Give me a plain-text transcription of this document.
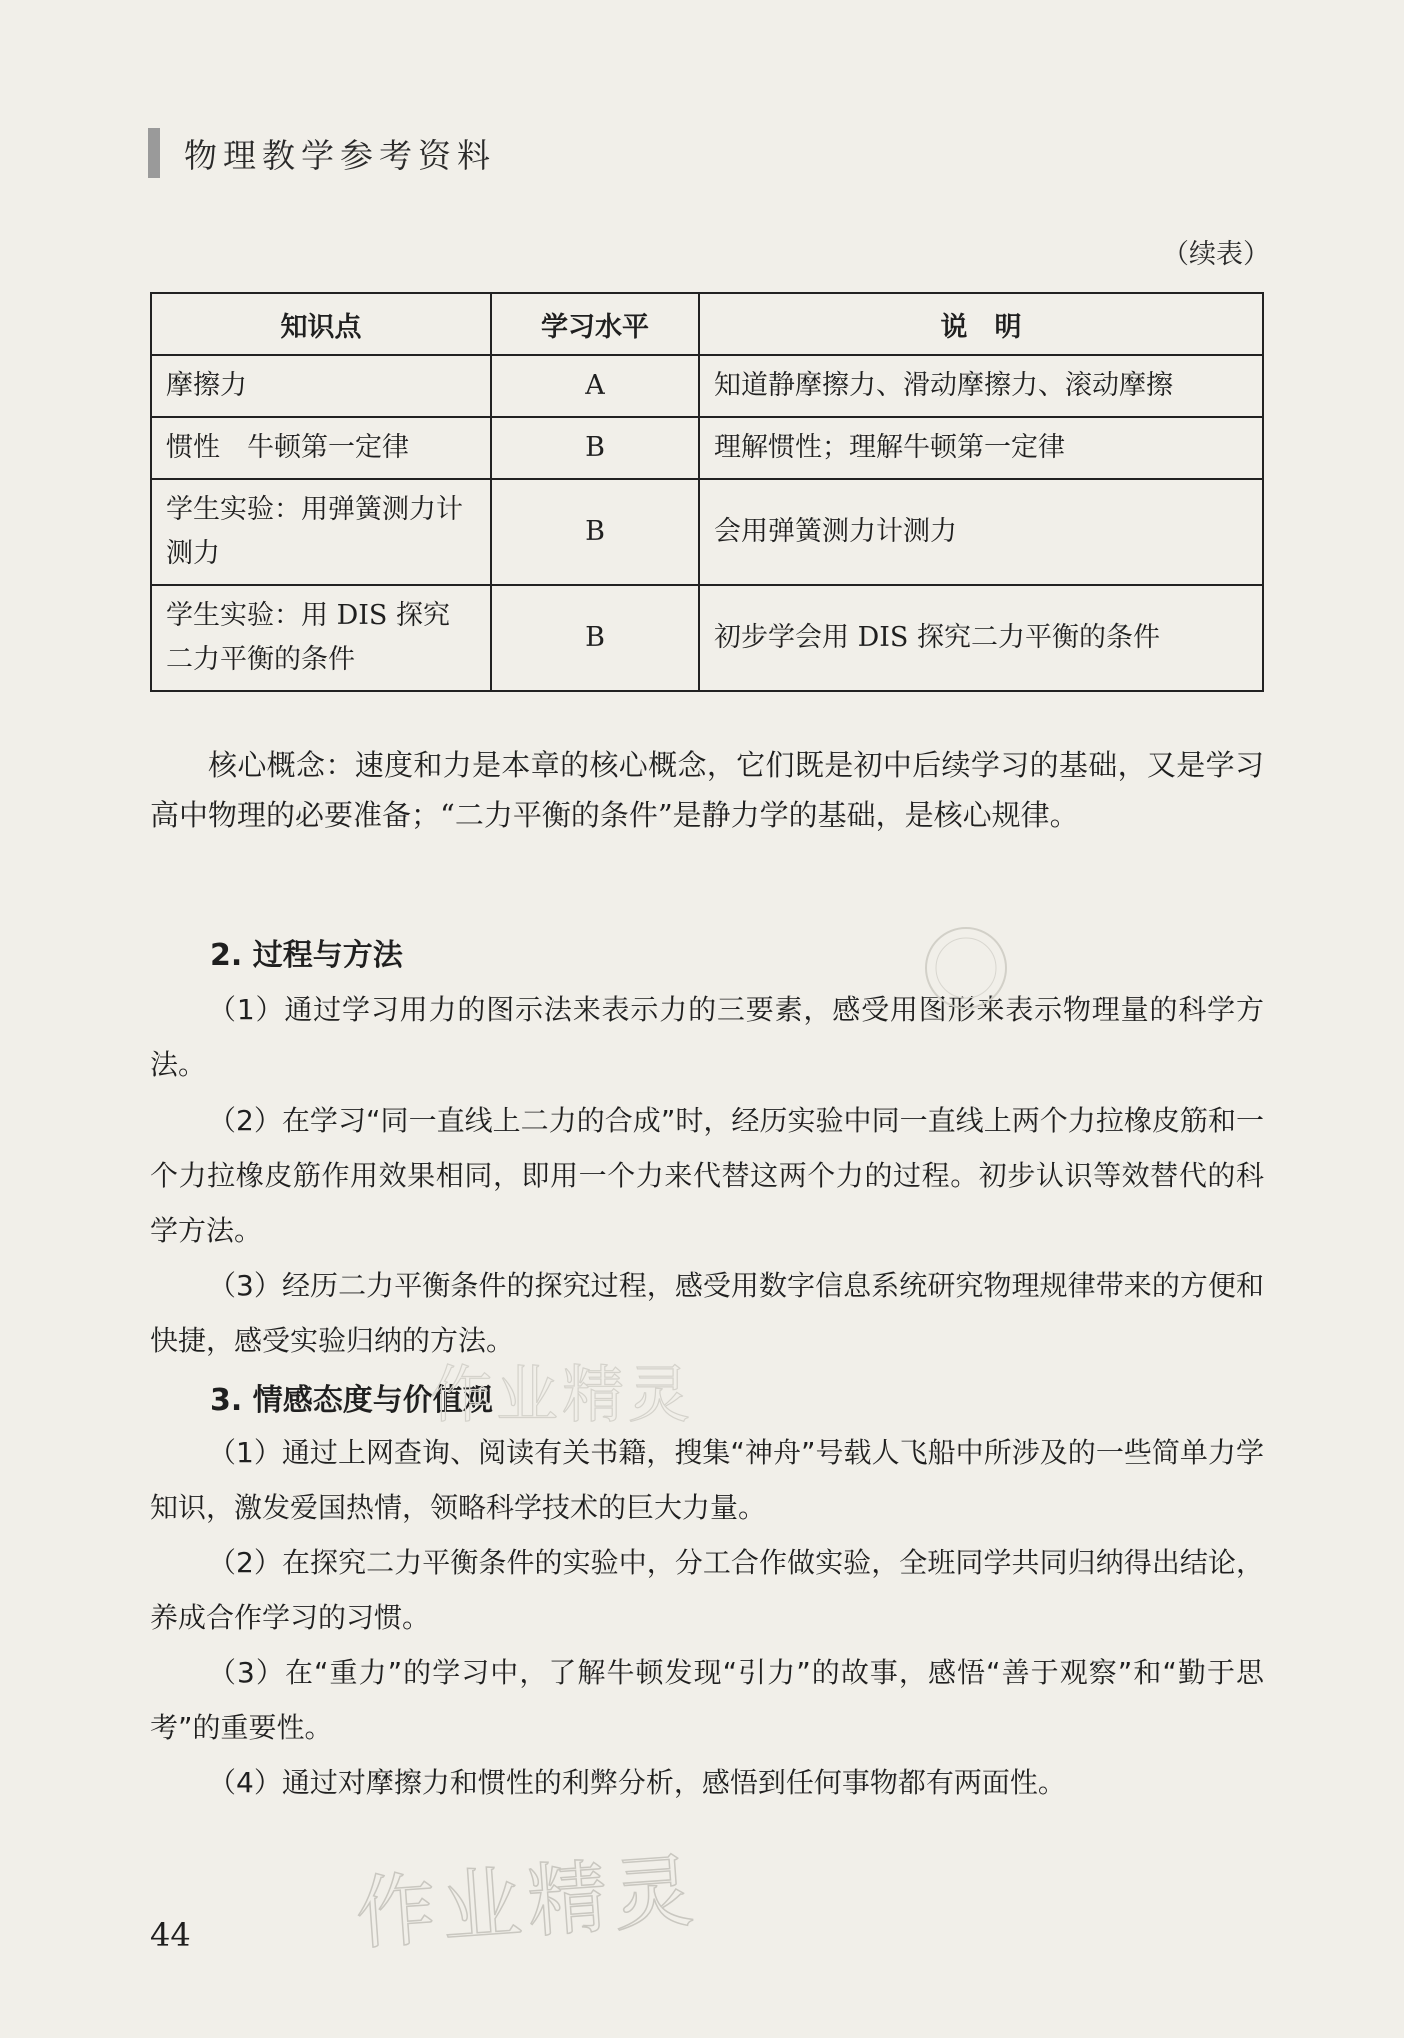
物理教学参考资料
（续表）
知识点	学习水平	说　明
摩擦力	A	知道静摩擦力、滑动摩擦力、滚动摩擦
惯性　牛顿第一定律	B	理解惯性；理解牛顿第一定律
学生实验：用弹簧测力计测力	B	会用弹簧测力计测力
学生实验：用 DIS 探究二力平衡的条件	B	初步学会用 DIS 探究二力平衡的条件
核心概念：速度和力是本章的核心概念，它们既是初中后续学习的基础，又是学习高中物理的必要准备；“二力平衡的条件”是静力学的基础，是核心规律。
2. 过程与方法
（1）通过学习用力的图示法来表示力的三要素，感受用图形来表示物理量的科学方法。
（2）在学习“同一直线上二力的合成”时，经历实验中同一直线上两个力拉橡皮筋和一个力拉橡皮筋作用效果相同，即用一个力来代替这两个力的过程。初步认识等效替代的科学方法。
（3）经历二力平衡条件的探究过程，感受用数字信息系统研究物理规律带来的方便和快捷，感受实验归纳的方法。
3. 情感态度与价值观
（1）通过上网查询、阅读有关书籍，搜集“神舟”号载人飞船中所涉及的一些简单力学知识，激发爱国热情，领略科学技术的巨大力量。
（2）在探究二力平衡条件的实验中，分工合作做实验，全班同学共同归纳得出结论，养成合作学习的习惯。
（3）在“重力”的学习中，了解牛顿发现“引力”的故事，感悟“善于观察”和“勤于思考”的重要性。
（4）通过对摩擦力和惯性的利弊分析，感悟到任何事物都有两面性。
作业精灵
44 作业精灵
